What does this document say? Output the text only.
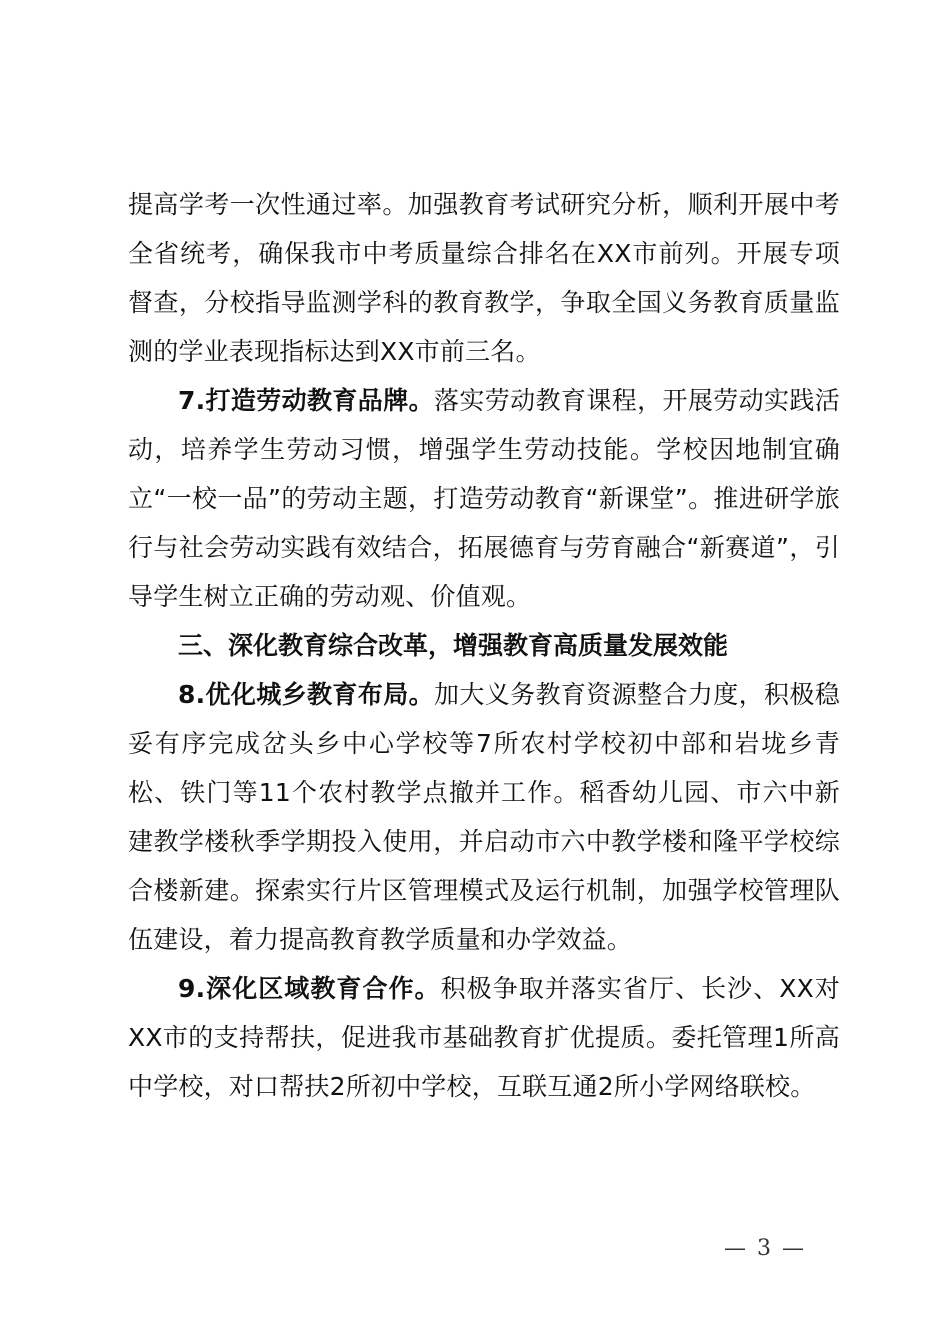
提高学考一次性通过率。加强教育考试研究分析，顺利开展中考全省统考，确保我市中考质量综合排名在XX市前列。开展专项督查，分校指导监测学科的教育教学，争取全国义务教育质量监测的学业表现指标达到XX市前三名。

7.打造劳动教育品牌。落实劳动教育课程，开展劳动实践活动，培养学生劳动习惯，增强学生劳动技能。学校因地制宜确立“一校一品”的劳动主题，打造劳动教育“新课堂”。推进研学旅行与社会劳动实践有效结合，拓展德育与劳育融合“新赛道”，引导学生树立正确的劳动观、价值观。

三、深化教育综合改革，增强教育高质量发展效能

8.优化城乡教育布局。加大义务教育资源整合力度，积极稳妥有序完成岔头乡中心学校等7所农村学校初中部和岩垅乡青松、铁门等11个农村教学点撤并工作。稻香幼儿园、市六中新建教学楼秋季学期投入使用，并启动市六中教学楼和隆平学校综合楼新建。探索实行片区管理模式及运行机制，加强学校管理队伍建设，着力提高教育教学质量和办学效益。

9.深化区域教育合作。积极争取并落实省厅、长沙、XX对XX市的支持帮扶，促进我市基础教育扩优提质。委托管理1所高中学校，对口帮扶2所初中学校，互联互通2所小学网络联校。

— 3 —
